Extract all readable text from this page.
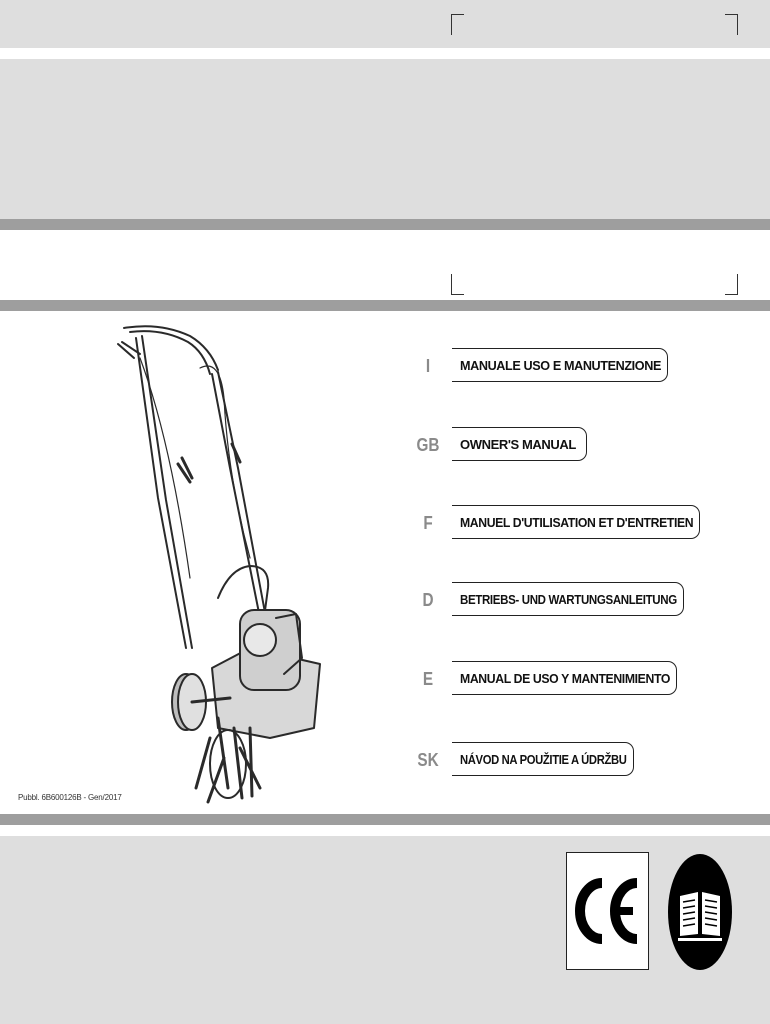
I	MANUALE USO E MANUTENZIONE
GB OWNER'S MANUAL
F	MANUEL D'UTILISATION ET D'ENTRETIEN
D	BETRIEBS- UND WARTUNGSANLEITUNG
E	MANUAL DE USO Y MANTENIMIENTO
SK	NÁVOD NA POUŽITIE A ÚDRŽBU
Pubbl. 6B600126B - Gen/2017
